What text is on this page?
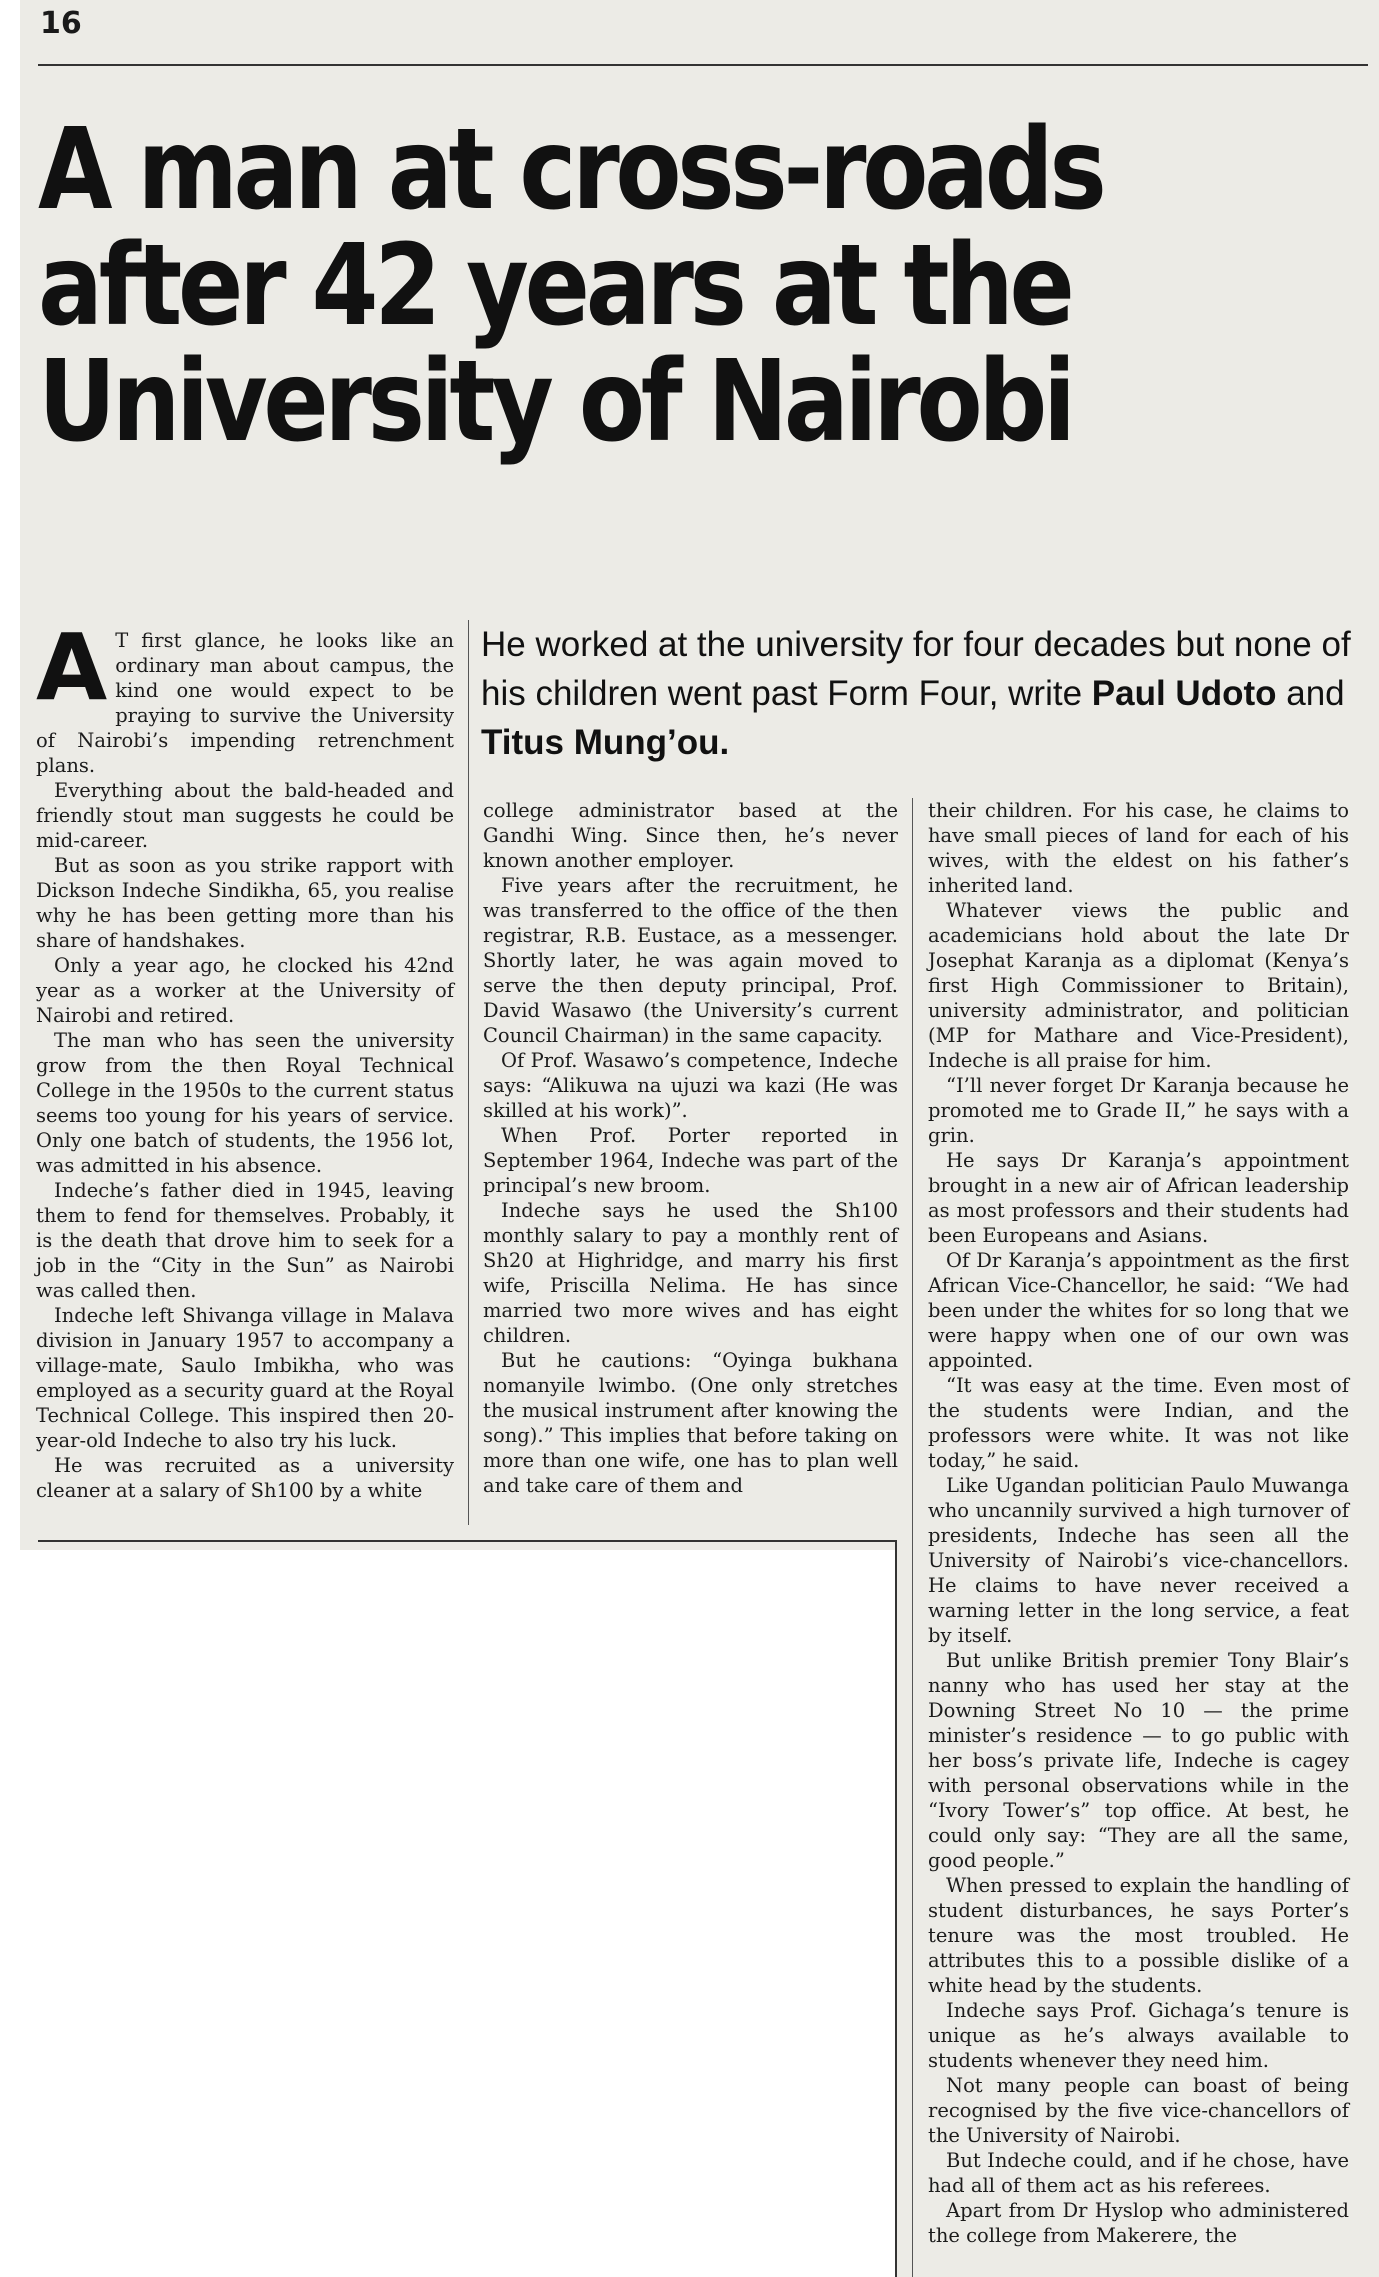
16
A man at cross-roads
after 42 years at the
University of Nairobi

He worked at the university for four decades but none of his children went past Form Four, write Paul Udoto and Titus Mung’ou.

A T first glance, he looks like an ordinary man about campus, the kind one would expect to be praying to survive the University of Nairobi’s impending retrenchment plans.

Everything about the bald-headed and friendly stout man suggests he could be mid-career.

But as soon as you strike rapport with Dickson Indeche Sindikha, 65, you realise why he has been getting more than his share of handshakes.

Only a year ago, he clocked his 42nd year as a worker at the University of Nairobi and retired.

The man who has seen the university grow from the then Royal Technical College in the 1950s to the current status seems too young for his years of service. Only one batch of students, the 1956 lot, was admitted in his absence.

Indeche’s father died in 1945, leaving them to fend for themselves. Probably, it is the death that drove him to seek for a job in the “City in the Sun” as Nairobi was called then.

Indeche left Shivanga village in Malava division in January 1957 to accompany a village-mate, Saulo Imbikha, who was employed as a security guard at the Royal Technical College. This inspired then 20-year-old Indeche to also try his luck.

He was recruited as a university cleaner at a salary of Sh100 by a white

college administrator based at the Gandhi Wing. Since then, he’s never known another employer.

Five years after the recruitment, he was transferred to the office of the then registrar, R.B. Eustace, as a messenger. Shortly later, he was again moved to serve the then deputy principal, Prof. David Wasawo (the University’s current Council Chairman) in the same capacity.

Of Prof. Wasawo’s competence, Indeche says: “Alikuwa na ujuzi wa kazi (He was skilled at his work)”.

When Prof. Porter reported in September 1964, Indeche was part of the principal’s new broom.

Indeche says he used the Sh100 monthly salary to pay a monthly rent of Sh20 at Highridge, and marry his first wife, Priscilla Nelima. He has since married two more wives and has eight children.

But he cautions: “Oyinga bukhana nomanyile lwimbo. (One only stretches the musical instrument after knowing the song).” This implies that before taking on more than one wife, one has to plan well and take care of them and

their children. For his case, he claims to have small pieces of land for each of his wives, with the eldest on his father’s inherited land.

Whatever views the public and academicians hold about the late Dr Josephat Karanja as a diplomat (Kenya’s first High Commissioner to Britain), university administrator, and politician (MP for Mathare and Vice-President), Indeche is all praise for him.

“I’ll never forget Dr Karanja because he promoted me to Grade II,” he says with a grin.

He says Dr Karanja’s appointment brought in a new air of African leadership as most professors and their students had been Europeans and Asians.

Of Dr Karanja’s appointment as the first African Vice-Chancellor, he said: “We had been under the whites for so long that we were happy when one of our own was appointed.

“It was easy at the time. Even most of the students were Indian, and the professors were white. It was not like today,” he said.

Like Ugandan politician Paulo Muwanga who uncannily survived a high turnover of presidents, Indeche has seen all the University of Nairobi’s vice-chancellors. He claims to have never received a warning letter in the long service, a feat by itself.

But unlike British premier Tony Blair’s nanny who has used her stay at the Downing Street No 10 — the prime minister’s residence — to go public with her boss’s private life, Indeche is cagey with personal observations while in the “Ivory Tower’s” top office. At best, he could only say: “They are all the same, good people.”

When pressed to explain the handling of student disturbances, he says Porter’s tenure was the most troubled. He attributes this to a possible dislike of a white head by the students.

Indeche says Prof. Gichaga’s tenure is unique as he’s always available to students whenever they need him.

Not many people can boast of being recognised by the five vice-chancellors of the University of Nairobi.

But Indeche could, and if he chose, have had all of them act as his referees.

Apart from Dr Hyslop who administered the college from Makerere, the
